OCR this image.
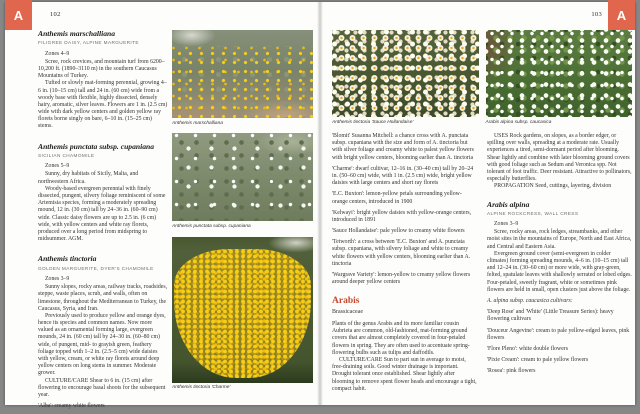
Anthemis marschalliana
FILIGREE DAISY, ALPINE MARGUERITE

Zones 4–9

Scree, rock crevices, and mountain turf from 6200–10,200 ft. (1890–3110 m) in the southern Caucasus Mountains of Turkey.

Tufted or slowly mat-forming perennial, growing 4–6 in. (10–15 cm) tall and 24 in. (60 cm) wide from a woody base with flexible, highly dissected, densely hairy, aromatic, silver leaves. Flowers are 1 in. (2.5 cm) wide with dark yellow centers and golden yellow ray florets borne singly on bare, 6–10 in. (15–25 cm) stems.

Anthemis punctata subsp. cupaniana
SICILIAN CHAMOMILE

Zones 5–9

Sunny, dry habitats of Sicily, Malta, and northwestern Africa.

Woody-based evergreen perennial with finely dissected, pungent, silvery foliage reminiscent of some Artemisia species, forming a moderately spreading mound, 12 in. (30 cm) tall by 24–36 in. (60–90 cm) wide. Classic daisy flowers are up to 2.5 in. (6 cm) wide, with yellow centers and white ray florets, produced over a long period from midspring to midsummer. AGM.

Anthemis tinctoria
GOLDEN MARGUERITE, DYER'S CHAMOMILE

Zones 3–9

Sunny slopes, rocky areas, railway tracks, roadsides, steppe, waste places, scrub, and walls, often on limestone, throughout the Mediterranean to Turkey, the Caucasus, Syria, and Iran.

Previously used to produce yellow and orange dyes, hence its species and common names. Now more valued as an ornamental forming large, evergreen mounds, 24 in. (60 cm) tall by 24–30 in. (60–80 cm) wide, of pungent, mid- to grayish green, feathery foliage topped with 1–2 in. (2.5–5 cm) wide daisies with yellow, cream, or white ray florets around deep yellow centers on long stems in summer. Moderate grower.

CULTURE/CARE Shear to 6 in. (15 cm) after flowering to encourage basal shoots for the subsequent year.

'Alba': creamy white flowers

Anthemis marschalliana
Anthemis punctata subsp. cupaniana
Anthemis tinctoria 'Charme'
Anthemis tinctoria 'Sauce Hollandaise'	Arabis alpina subsp. caucasica

'Blomit' Susanna Mitchell: a chance cross with A. punctata subsp. cupaniana with the size and form of A. tinctoria but with silver foliage and creamy white to palest yellow flowers with bright yellow centers, blooming earlier than A. tinctoria

'Charme': dwarf cultivar, 12–16 in. (30–40 cm) tall by 20–24 in. (50–60 cm) wide, with 1 in. (2.5 cm) wide, bright yellow daisies with large centers and short ray florets

'E.C. Buxton': lemon-yellow petals surrounding yellow-orange centers, introduced in 1900

'Kelwayi': bright yellow daisies with yellow-orange centers, introduced in 1891

'Sauce Hollandaise': pale yellow to creamy white flowers

'Tetworth': a cross between 'E.C. Buxton' and A. punctata subsp. cupaniana, with silvery foliage and white to creamy white flowers with yellow centers, blooming earlier than A. tinctoria

'Wargrave Variety': lemon-yellow to creamy yellow flowers around deeper yellow centers

Arabis
Brassicaceae

Plants of the genus Arabis and its more familiar cousin Aubrieta are common, old-fashioned, mat-forming ground covers that are almost completely covered in four-petaled flowers in spring. They are often used to accentuate spring-flowering bulbs such as tulips and daffodils.

CULTURE/CARE Sun to part sun in average to moist, free-draining soils. Good winter drainage is important. Drought tolerant once established. Shear lightly after blooming to remove spent flower heads and encourage a tight, compact habit.

USES Rock gardens, on slopes, as a border edger, or spilling over walls, spreading at a moderate rate. Usually experiences a tired, semi-dormant period after blooming. Shear lightly and combine with later blooming ground covers with good foliage such as Sedum and Veronica spp. Not tolerant of foot traffic. Deer resistant. Attractive to pollinators, especially butterflies.

PROPAGATION Seed, cuttings, layering, division

Arabis alpina
ALPINE ROCKCRESS, WALL CRESS

Zones 3–9

Scree, rocky areas, rock ledges, streambanks, and other moist sites in the mountains of Europe, North and East Africa, and Central and Eastern Asia.

Evergreen ground cover (semi-evergreen in colder climates) forming spreading mounds, 4–6 in. (10–15 cm) tall and 12–24 in. (30–60 cm) or more wide, with gray-green, felted, spatulate leaves with shallowly serrated or lobed edges. Four-petaled, sweetly fragrant, white or sometimes pink flowers are held in small, open clusters just above the foliage.

A. alpina subsp. caucasica cultivars:

'Deep Rose' and 'White' (Little Treasure Series): heavy flowering cultivars

'Douceur Angevine': cream to pale yellow-edged leaves, pink flowers

'Flore Pleno': white double flowers

'Pixie Cream': cream to pale yellow flowers

'Rosea': pink flowers

A	A
102	103
